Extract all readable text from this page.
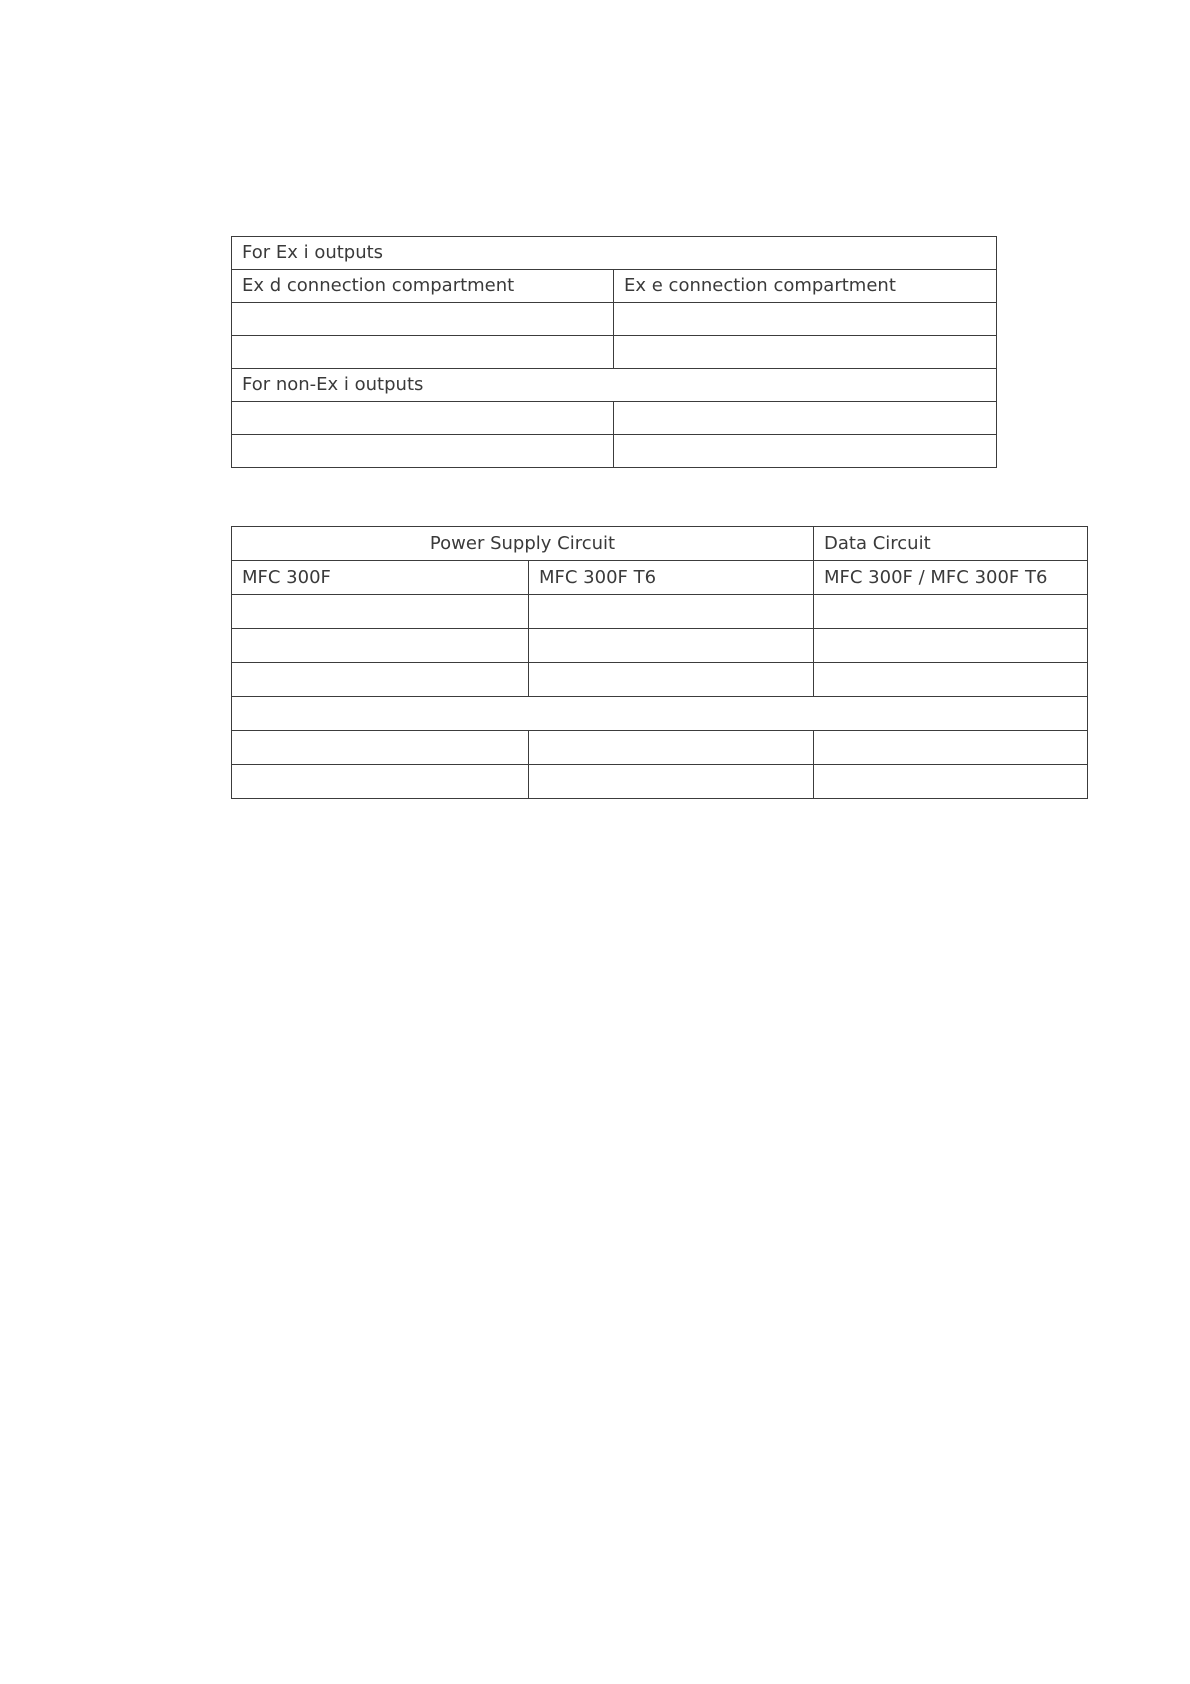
For Ex i outputs	
Ex d connection compartment	Ex e connection compartment

For non-Ex i outputs	

Power Supply Circuit		Data Circuit
MFC 300F	MFC 300F T6	MFC 300F / MFC 300F T6
